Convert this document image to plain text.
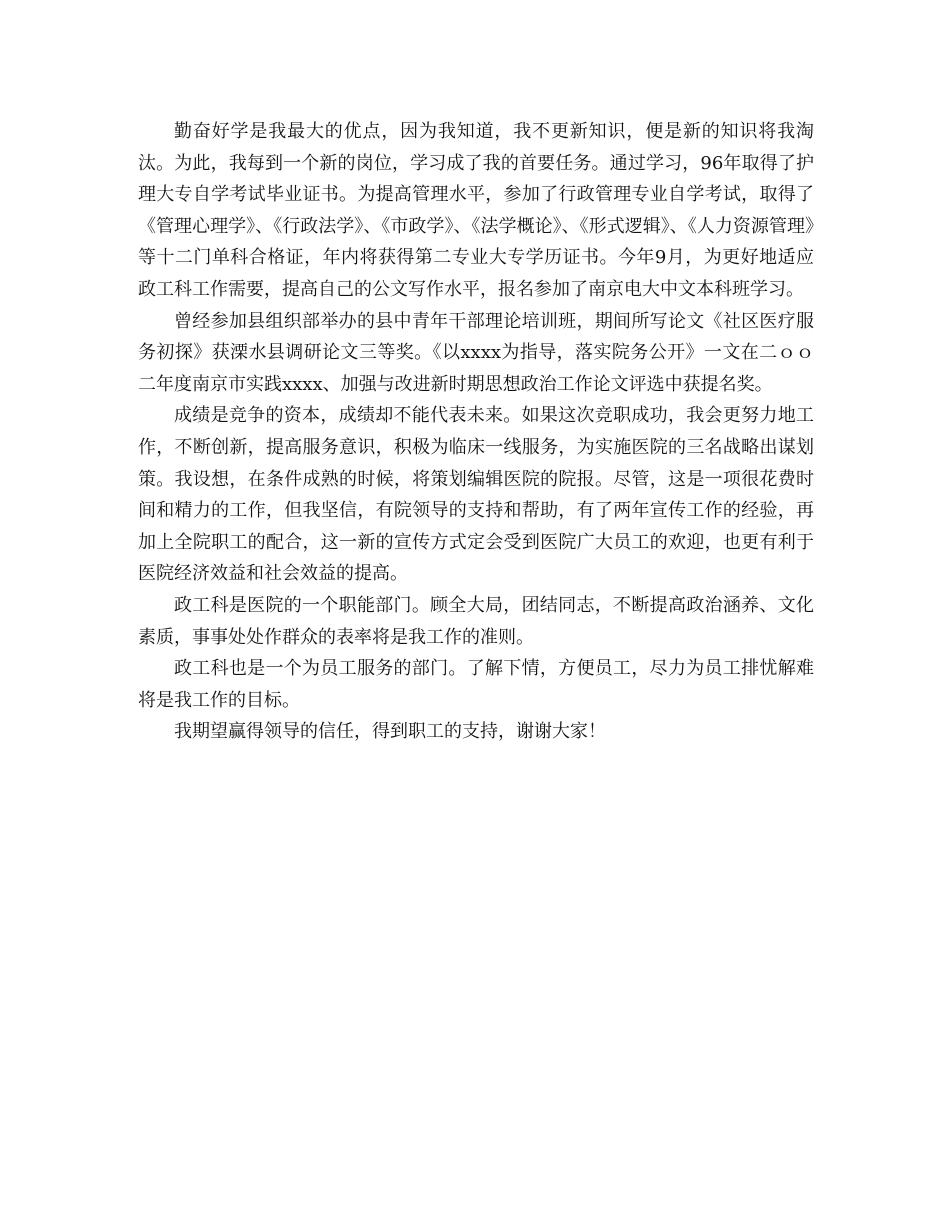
勤奋好学是我最大的优点，因为我知道，我不更新知识，便是新的知识将我淘汰。为此，我每到一个新的岗位，学习成了我的首要任务。通过学习，96年取得了护理大专自学考试毕业证书。为提高管理水平，参加了行政管理专业自学考试，取得了《管理心理学》、《行政法学》、《市政学》、《法学概论》、《形式逻辑》、《人力资源管理》等十二门单科合格证，年内将获得第二专业大专学历证书。今年9月，为更好地适应政工科工作需要，提高自己的公文写作水平，报名参加了南京电大中文本科班学习。

曾经参加县组织部举办的县中青年干部理论培训班，期间所写论文《社区医疗服务初探》获溧水县调研论文三等奖。《以xxxx为指导，落实院务公开》一文在二ｏｏ二年度南京市实践xxxx、加强与改进新时期思想政治工作论文评选中获提名奖。

成绩是竞争的资本，成绩却不能代表未来。如果这次竞职成功，我会更努力地工作，不断创新，提高服务意识，积极为临床一线服务，为实施医院的三名战略出谋划策。我设想，在条件成熟的时候，将策划编辑医院的院报。尽管，这是一项很花费时间和精力的工作，但我坚信，有院领导的支持和帮助，有了两年宣传工作的经验，再加上全院职工的配合，这一新的宣传方式定会受到医院广大员工的欢迎，也更有利于医院经济效益和社会效益的提高。

政工科是医院的一个职能部门。顾全大局，团结同志，不断提高政治涵养、文化素质，事事处处作群众的表率将是我工作的准则。

政工科也是一个为员工服务的部门。了解下情，方便员工，尽力为员工排忧解难将是我工作的目标。

我期望赢得领导的信任，得到职工的支持，谢谢大家！
